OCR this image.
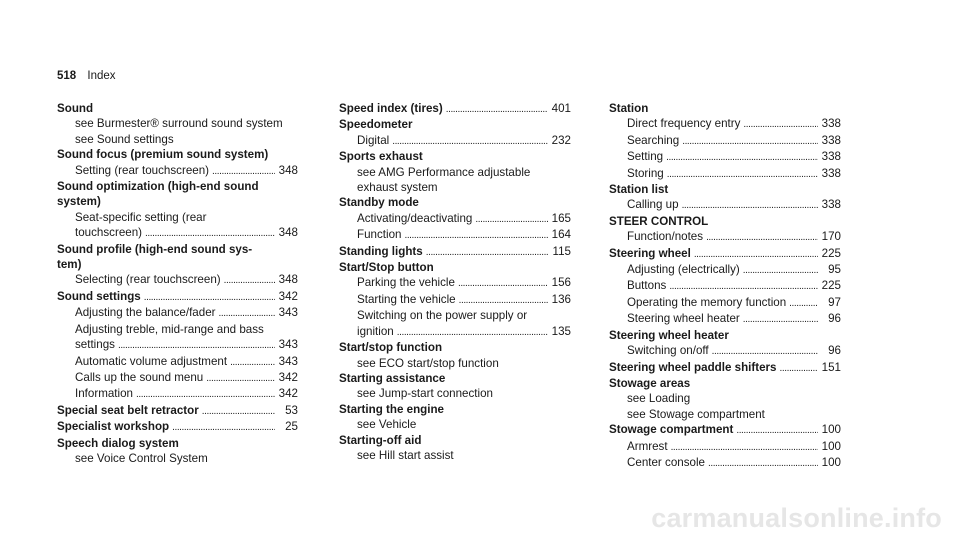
518 Index
Sound
see Burmester® surround sound system
see Sound settings
Sound focus (premium sound system)
Setting (rear touchscreen) . . .	348
Sound optimization (high-end sound
system)
Seat-specific setting (rear
touchscreen) . . .	348
Sound profile (high-end sound sys-
tem)
Selecting (rear touchscreen) . . .	348
Sound settings . . .	342
Adjusting the balance/fader . . .	343
Adjusting treble, mid-range and bass
settings . . .	343
Automatic volume adjustment . . .	343
Calls up the sound menu . . .	342
Information . . .	342
Special seat belt retractor . . .	53
Specialist workshop . . .	25
Speech dialog system
see Voice Control System
Speed index (tires) . . .	401
Speedometer
Digital . . .	232
Sports exhaust
see AMG Performance adjustable
exhaust system
Standby mode
Activating/deactivating . . .	165
Function . . .	164
Standing lights . . .	115
Start/Stop button
Parking the vehicle . . .	156
Starting the vehicle . . .	136
Switching on the power supply or
ignition . . .	135
Start/stop function
see ECO start/stop function
Starting assistance
see Jump-start connection
Starting the engine
see Vehicle
Starting-off aid
see Hill start assist
Station
Direct frequency entry . . .	338
Searching . . .	338
Setting . . .	338
Storing . . .	338
Station list
Calling up . . .	338
STEER CONTROL
Function/notes . . .	170
Steering wheel . . .	225
Adjusting (electrically) . . .	95
Buttons . . .	225
Operating the memory function . . .	97
Steering wheel heater . . .	96
Steering wheel heater
Switching on/off . . .	96
Steering wheel paddle shifters . . .	151
Stowage areas
see Loading
see Stowage compartment
Stowage compartment . . .	100
Armrest . . .	100
Center console . . .	100
carmanualsonline.info
